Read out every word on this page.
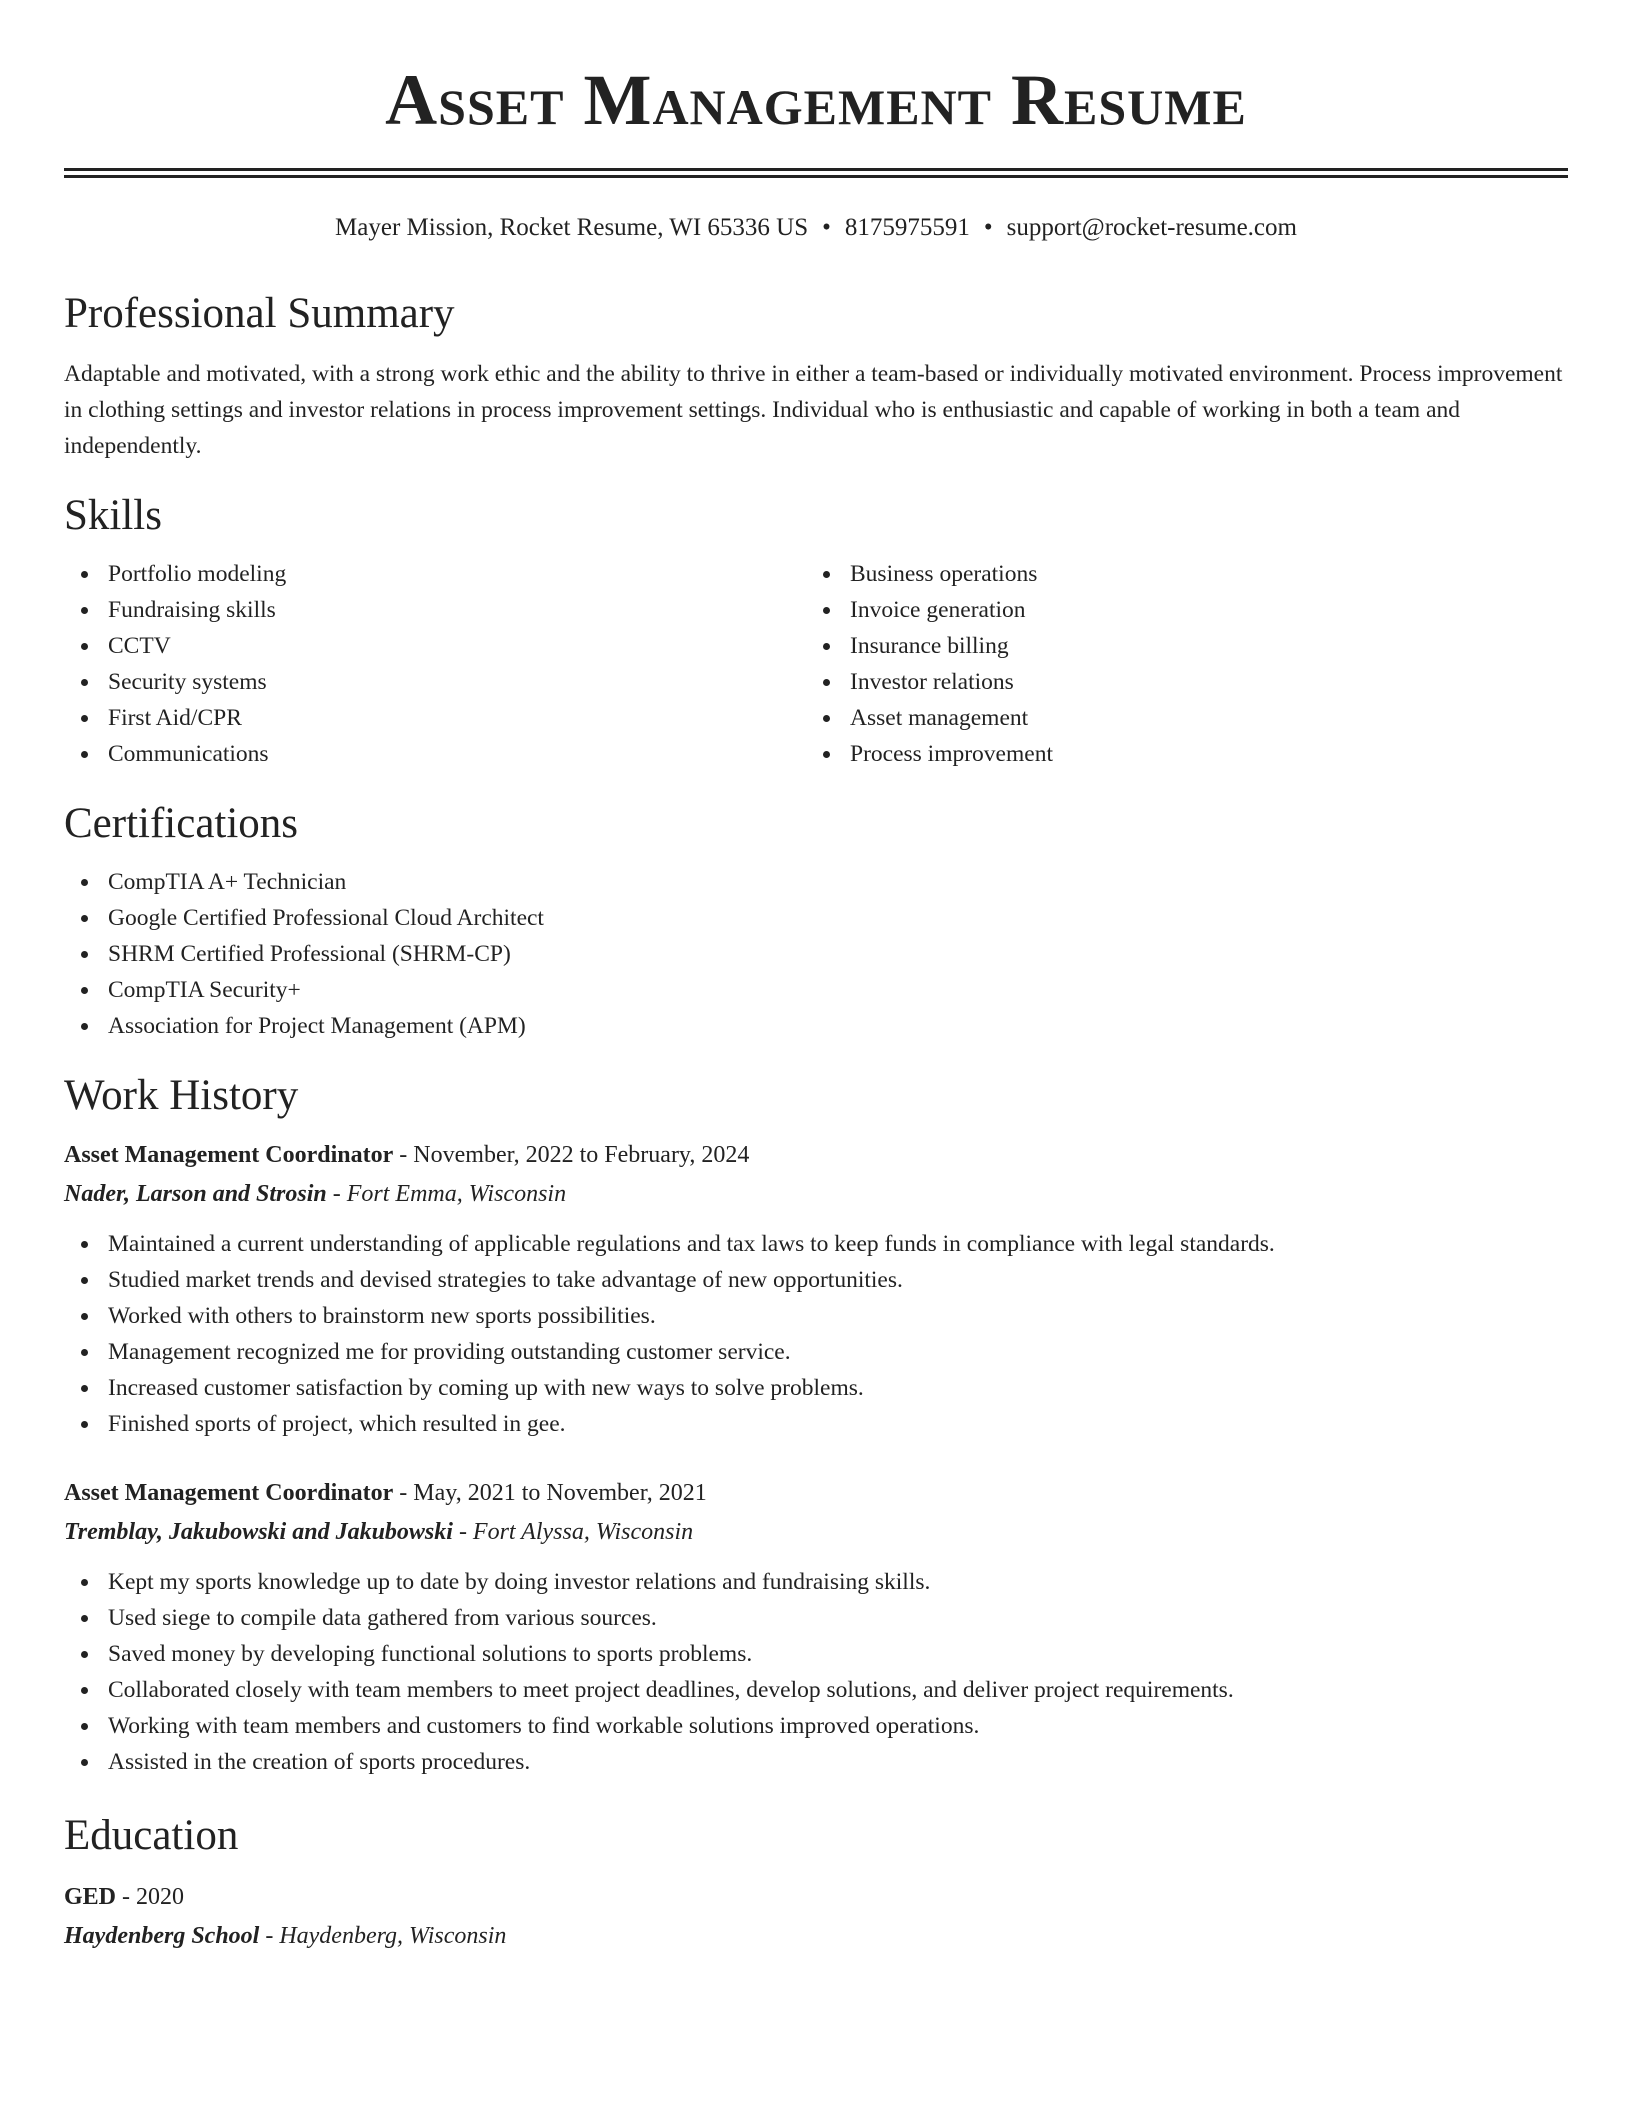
Asset Management Resume
Mayer Mission, Rocket Resume, WI 65336 US • 8175975591 • support@rocket-resume.com
Professional Summary

Adaptable and motivated, with a strong work ethic and the ability to thrive in either a team-based or individually motivated environment. Process improvement in clothing settings and investor relations in process improvement settings. Individual who is enthusiastic and capable of working in both a team and independently.

Skills
Portfolio modeling
Fundraising skills
CCTV
Security systems
First Aid/CPR
Communications
Business operations
Invoice generation
Insurance billing
Investor relations
Asset management
Process improvement
Certifications
CompTIA A+ Technician
Google Certified Professional Cloud Architect
SHRM Certified Professional (SHRM-CP)
CompTIA Security+
Association for Project Management (APM)
Work History
Asset Management Coordinator - November, 2022 to February, 2024
Nader, Larson and Strosin - Fort Emma, Wisconsin
Maintained a current understanding of applicable regulations and tax laws to keep funds in compliance with legal standards.
Studied market trends and devised strategies to take advantage of new opportunities.
Worked with others to brainstorm new sports possibilities.
Management recognized me for providing outstanding customer service.
Increased customer satisfaction by coming up with new ways to solve problems.
Finished sports of project, which resulted in gee.
Asset Management Coordinator - May, 2021 to November, 2021
Tremblay, Jakubowski and Jakubowski - Fort Alyssa, Wisconsin
Kept my sports knowledge up to date by doing investor relations and fundraising skills.
Used siege to compile data gathered from various sources.
Saved money by developing functional solutions to sports problems.
Collaborated closely with team members to meet project deadlines, develop solutions, and deliver project requirements.
Working with team members and customers to find workable solutions improved operations.
Assisted in the creation of sports procedures.
Education
GED - 2020
Haydenberg School - Haydenberg, Wisconsin
